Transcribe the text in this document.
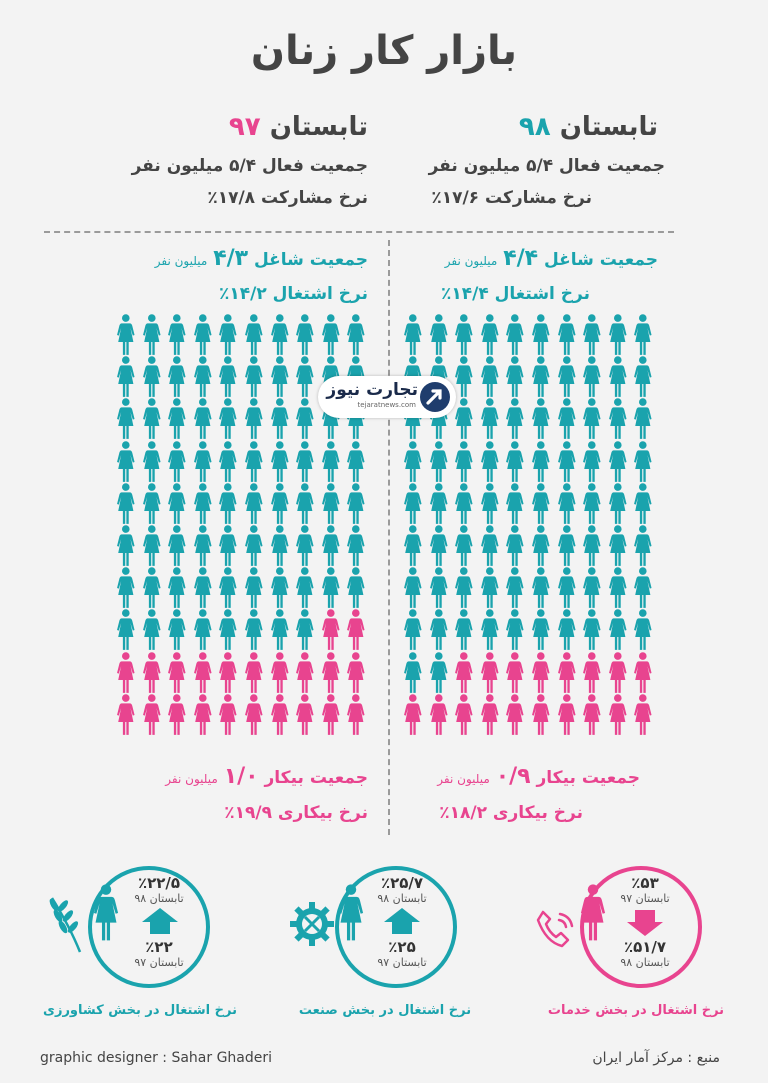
بازار کار زنان
تابستان ۹۸
جمعیت فعال ۵/۴ میلیون نفر
نرخ مشارکت ۱۷/۶٪
تابستان ۹۷
جمعیت فعال ۵/۴ میلیون نفر
نرخ مشارکت ۱۷/۸٪
جمعیت شاغل ۴/۴ میلیون نفر
نرخ اشتغال ۱۴/۴٪
جمعیت شاغل ۴/۳ میلیون نفر
نرخ اشتغال ۱۴/۲٪
تجارت نیوز
tejaratnews.com
جمعیت بیکار ۰/۹ میلیون نفر
نرخ بیکاری ۱۸/۲٪
جمعیت بیکار ۱/۰ میلیون نفر
نرخ بیکاری ۱۹/۹٪
٪۲۲/۵
تابستان ۹۸
٪۲۲
تابستان ۹۷
نرخ اشتغال در بخش کشاورزی
٪۲۵/۷
تابستان ۹۸
٪۲۵
تابستان ۹۷
نرخ اشتغال در بخش صنعت
٪۵۳
تابستان ۹۷
٪۵۱/۷
تابستان ۹۸
نرخ اشتغال در بخش خدمات
graphic designer : Sahar Ghaderi	منبع : مرکز آمار ایران
